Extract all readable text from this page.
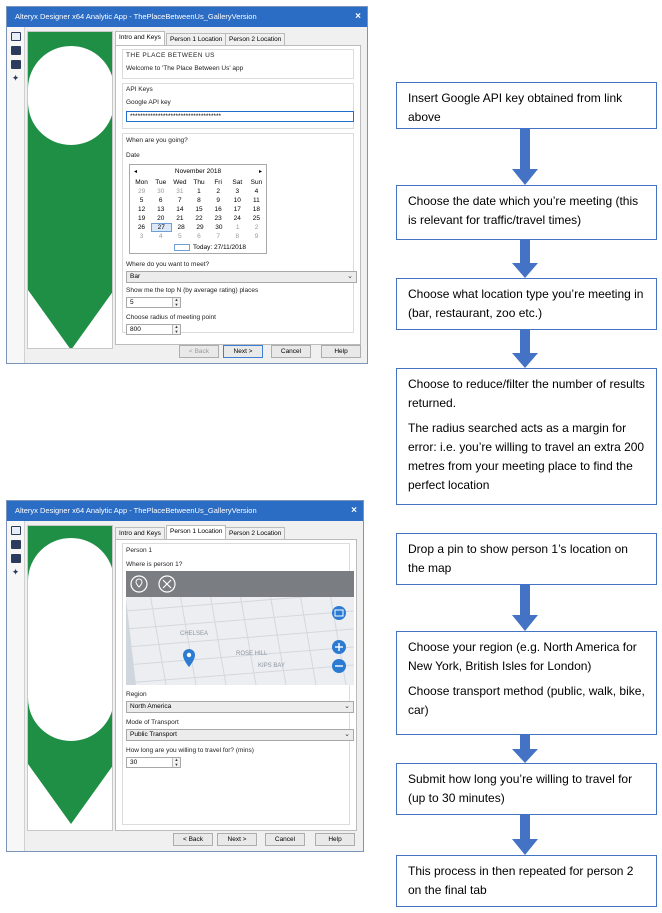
Alteryx Designer x64 Analytic App - ThePlaceBetweenUs_GalleryVersion	×
✦
Intro and Keys	Person 1 Location	Person 2 Location
THE PLACE BETWEEN US
Welcome to 'The Place Between Us' app
API Keys
Google API key
************************************
When are you going?
Date
◂	November 2018	▸
Mon	Tue	Wed	Thu	Fri	Sat	Sun
29	30	31	1	2	3	4
5	6	7	8	9	10	11
12	13	14	15	16	17	18
19	20	21	22	23	24	25
26	27	28	29	30	1	2
3	4	5	6	7	8	9
Today: 27/11/2018
Where do you want to meet?
Bar	⌄
Show me the top N (by average rating) places
5	▲
▼
Choose radius of meeting point
800	▲
▼
< Back	Next >	Cancel	Help
Alteryx Designer x64 Analytic App - ThePlaceBetweenUs_GalleryVersion	×
✦
Intro and Keys	Person 1 Location	Person 2 Location
Person 1
Where is person 1?
CHELSEA
ROSE HILL
KIPS BAY
Region
North America	⌄
Mode of Transport
Public Transport	⌄
How long are you willing to travel for? (mins)
30	▲
▼
< Back	Next >	Cancel	Help

Insert Google API key obtained from link above

Choose the date which you’re meeting (this is relevant for traffic/travel times)

Choose what location type you’re meeting in (bar, restaurant, zoo etc.)

Choose to reduce/filter the number of results returned.

The radius searched acts as a margin for error: i.e. you’re willing to travel an extra 200 metres from your meeting place to find the perfect location

Drop a pin to show person 1’s location on the map

Choose your region (e.g. North America for New York, British Isles for London)

Choose transport method (public, walk, bike, car)

Submit how long you’re willing to travel for (up to 30 minutes)

This process in then repeated for person 2 on the final tab
